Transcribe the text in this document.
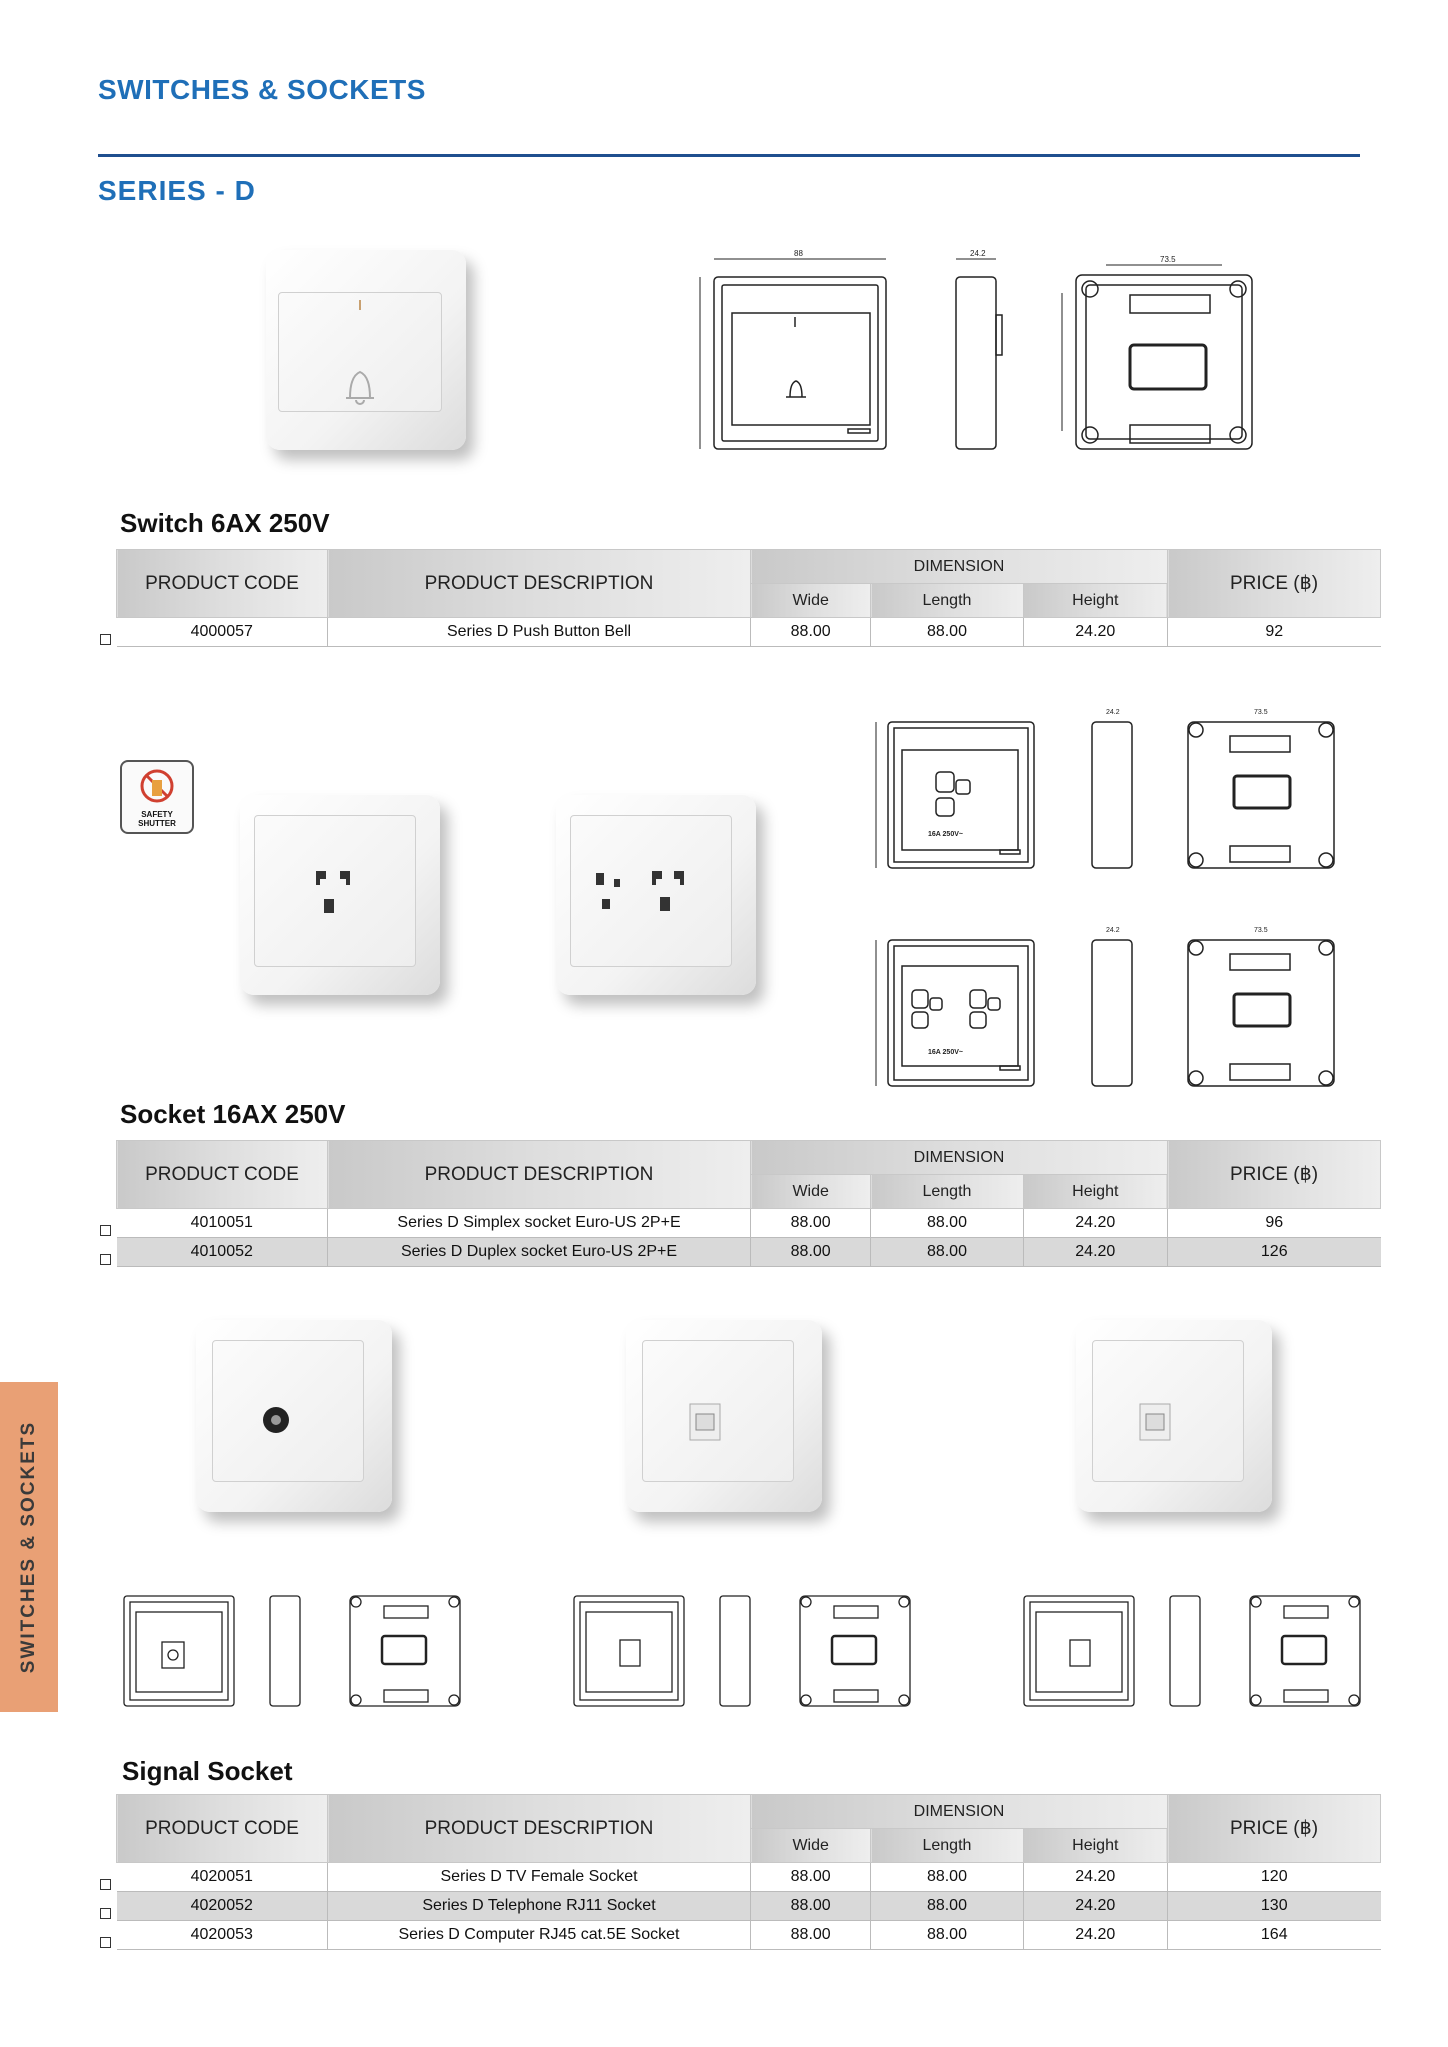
SWITCHES & SOCKETS
SERIES - D
SWITCHES & SOCKETS
88	24.2
73.5
Switch 6AX 250V
PRODUCT CODE	PRODUCT DESCRIPTION	DIMENSION			PRICE (฿)
		Wide	Length	Height	
4000057	Series D Push Button Bell	88.00	88.00	24.20	92
SAFETY SHUTTER
24.2	73.5
16A 250V~
24.2	73.5
16A 250V~
Socket 16AX 250V
PRODUCT CODE	PRODUCT DESCRIPTION	DIMENSION			PRICE (฿)
		Wide	Length	Height	
4010051	Series D Simplex socket Euro-US 2P+E	88.00	88.00	24.20	96
4010052	Series D Duplex socket Euro-US 2P+E	88.00	88.00	24.20	126
Signal Socket
PRODUCT CODE	PRODUCT DESCRIPTION	DIMENSION			PRICE (฿)
		Wide	Length	Height	
4020051	Series D TV Female Socket	88.00	88.00	24.20	120
4020052	Series D Telephone RJ11 Socket	88.00	88.00	24.20	130
4020053	Series D Computer RJ45 cat.5E Socket	88.00	88.00	24.20	164
